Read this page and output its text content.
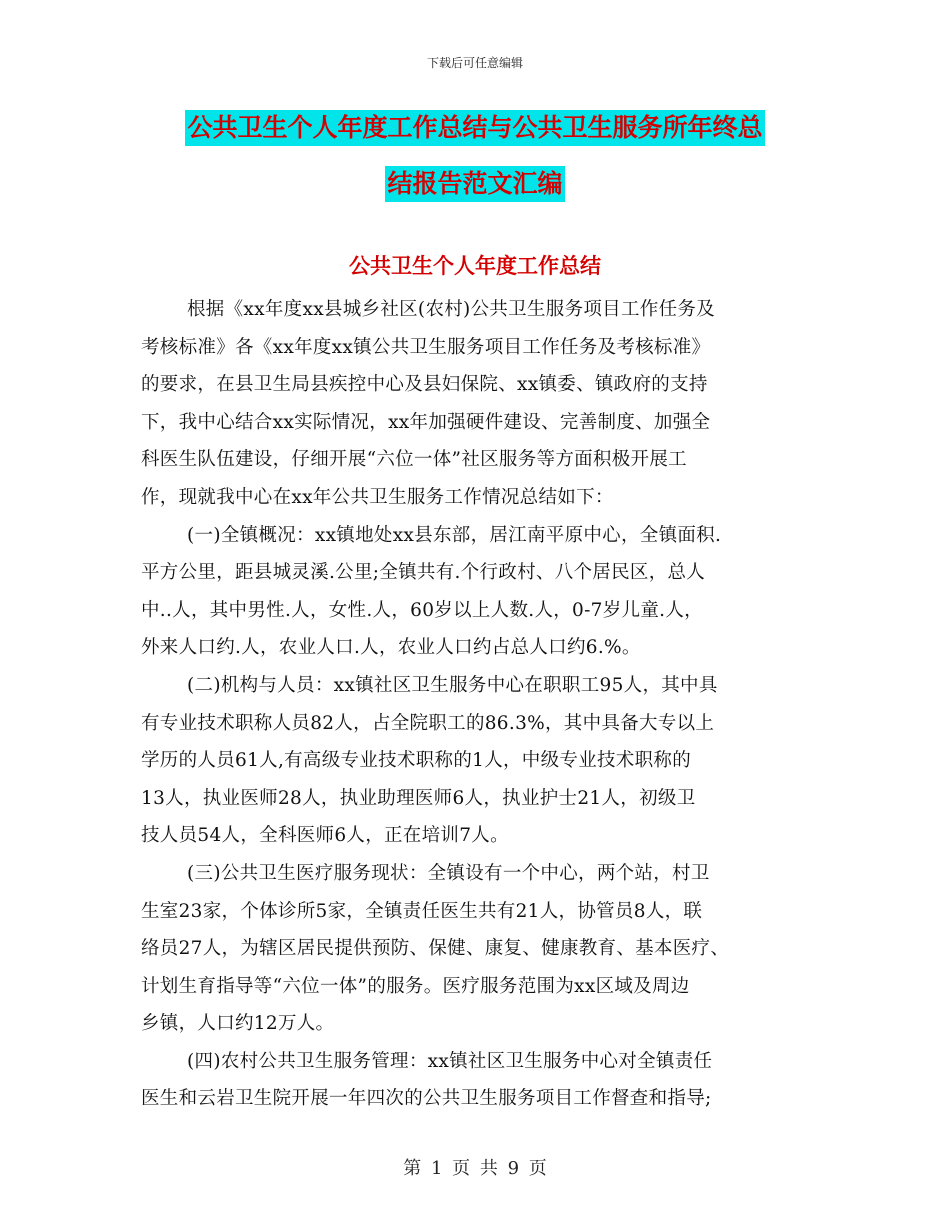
下载后可任意编辑
公共卫生个人年度工作总结与公共卫生服务所年终总
结报告范文汇编
公共卫生个人年度工作总结

根据《xx年度xx县城乡社区(农村)公共卫生服务项目工作任务及
考核标准》各《xx年度xx镇公共卫生服务项目工作任务及考核标准》
的要求，在县卫生局县疾控中心及县妇保院、xx镇委、镇政府的支持
下，我中心结合xx实际情况，xx年加强硬件建设、完善制度、加强全
科医生队伍建设，仔细开展“六位一体”社区服务等方面积极开展工
作，现就我中心在xx年公共卫生服务工作情况总结如下：

(一)全镇概况：xx镇地处xx县东部，居江南平原中心，全镇面积.
平方公里，距县城灵溪.公里;全镇共有.个行政村、八个居民区，总人
中..人，其中男性.人，女性.人，60岁以上人数.人，0-7岁儿童.人，
外来人口约.人，农业人口.人，农业人口约占总人口约6.%。

(二)机构与人员：xx镇社区卫生服务中心在职职工95人，其中具
有专业技术职称人员82人，占全院职工的86.3%，其中具备大专以上
学历的人员61人,有高级专业技术职称的1人，中级专业技术职称的
13人，执业医师28人，执业助理医师6人，执业护士21人，初级卫
技人员54人，全科医师6人，正在培训7人。

(三)公共卫生医疗服务现状：全镇设有一个中心，两个站，村卫
生室23家，个体诊所5家，全镇责任医生共有21人，协管员8人，联
络员27人，为辖区居民提供预防、保健、康复、健康教育、基本医疗、
计划生育指导等“六位一体”的服务。医疗服务范围为xx区域及周边
乡镇，人口约12万人。

(四)农村公共卫生服务管理：xx镇社区卫生服务中心对全镇责任
医生和云岩卫生院开展一年四次的公共卫生服务项目工作督查和指导;

第 1 页 共 9 页
